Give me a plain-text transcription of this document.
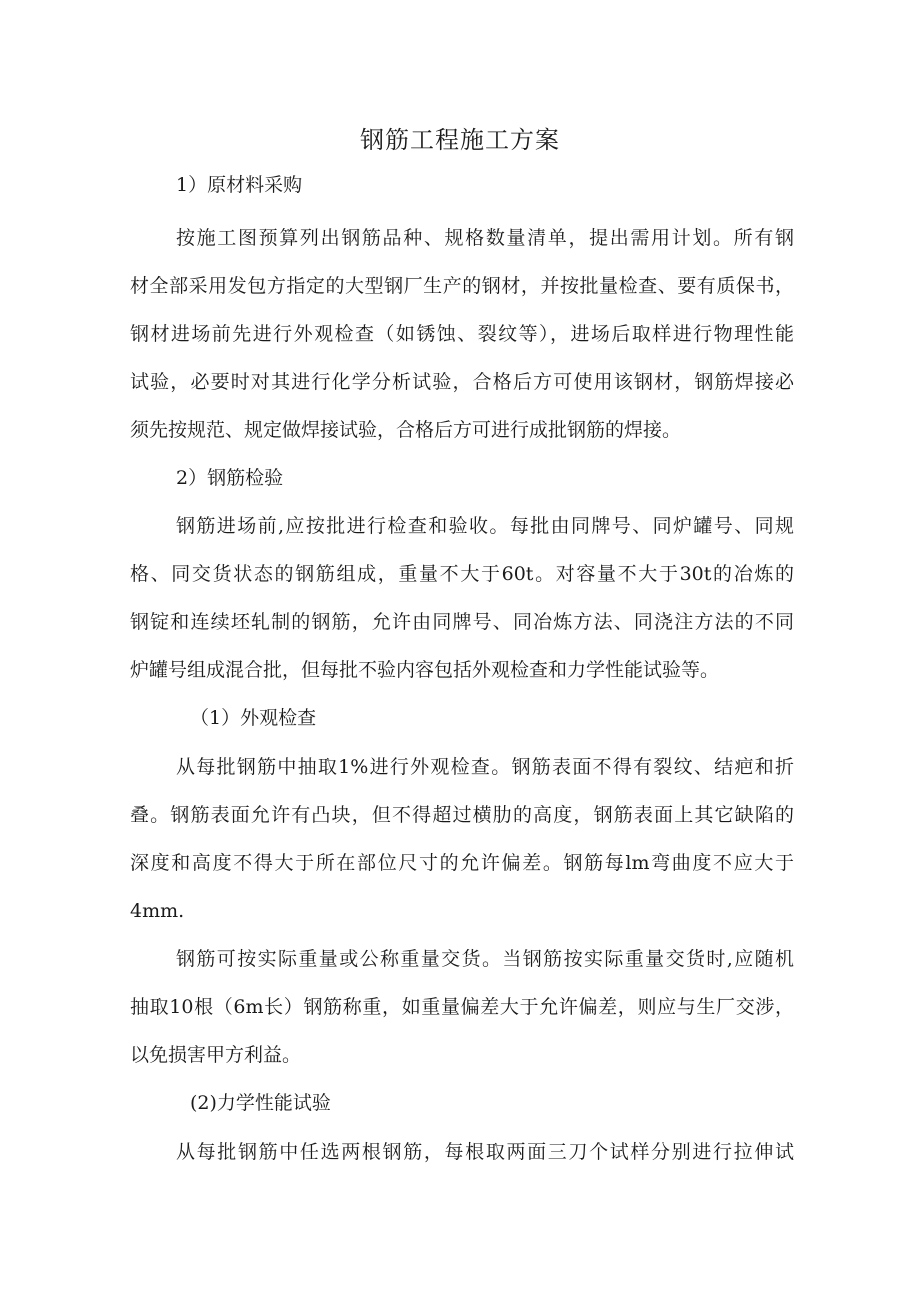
钢筋工程施工方案
1）原材料采购
按施工图预算列出钢筋品种、规格数量清单，提出需用计划。所有钢
材全部采用发包方指定的大型钢厂生产的钢材，并按批量检查、要有质保书，
钢材进场前先进行外观检查（如锈蚀、裂纹等），进场后取样进行物理性能
试验，必要时对其进行化学分析试验，合格后方可使用该钢材，钢筋焊接必
须先按规范、规定做焊接试验，合格后方可进行成批钢筋的焊接。
2）钢筋检验
钢筋进场前,应按批进行检查和验收。每批由同牌号、同炉罐号、同规
格、同交货状态的钢筋组成，重量不大于60t。对容量不大于30t的冶炼的
钢锭和连续坯轧制的钢筋，允许由同牌号、同冶炼方法、同浇注方法的不同
炉罐号组成混合批，但每批不验内容包括外观检查和力学性能试验等。
（1）外观检查
从每批钢筋中抽取1%进行外观检查。钢筋表面不得有裂纹、结疤和折
叠。钢筋表面允许有凸块，但不得超过横肋的高度，钢筋表面上其它缺陷的
深度和高度不得大于所在部位尺寸的允许偏差。钢筋每lm弯曲度不应大于
4mm.
钢筋可按实际重量或公称重量交货。当钢筋按实际重量交货时,应随机
抽取10根（6m长）钢筋称重，如重量偏差大于允许偏差，则应与生厂交涉，
以免损害甲方利益。
(2)力学性能试验
从每批钢筋中任选两根钢筋，每根取两面三刀个试样分别进行拉伸试
